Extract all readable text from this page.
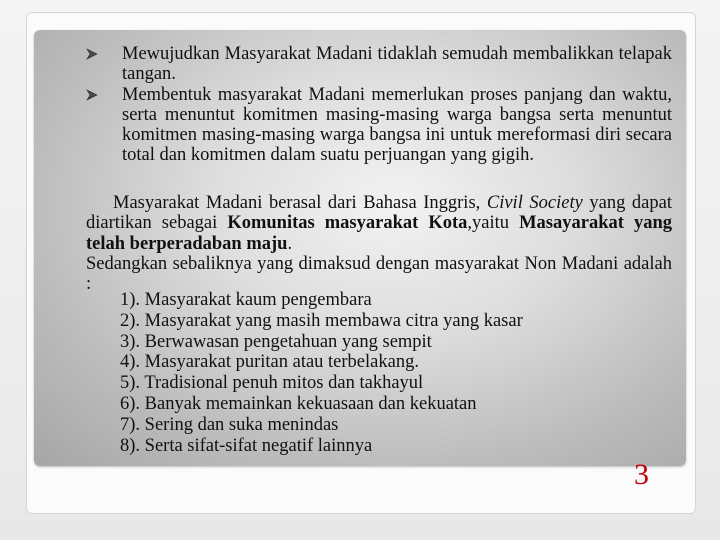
Mewujudkan Masyarakat Madani tidaklah semudah membalikkan telapak tangan.
Membentuk masyarakat Madani memerlukan proses panjang dan waktu, serta menuntut komitmen masing-masing warga bangsa serta menuntut komitmen masing-masing warga bangsa ini untuk mereformasi diri secara total dan komitmen dalam suatu perjuangan yang gigih.

Masyarakat Madani berasal dari Bahasa Inggris, Civil Society yang dapat diartikan sebagai Komunitas masyarakat Kota,yaitu Masayarakat yang telah berperadaban maju.

Sedangkan sebaliknya yang dimaksud dengan masyarakat Non Madani adalah :

1). Masyarakat kaum pengembara
2). Masyarakat yang masih membawa citra yang kasar
3). Berwawasan pengetahuan yang sempit
4). Masyarakat puritan atau terbelakang.
5). Tradisional penuh mitos dan takhayul
6). Banyak memainkan kekuasaan dan kekuatan
7). Sering dan suka menindas
8). Serta sifat-sifat negatif lainnya
3
